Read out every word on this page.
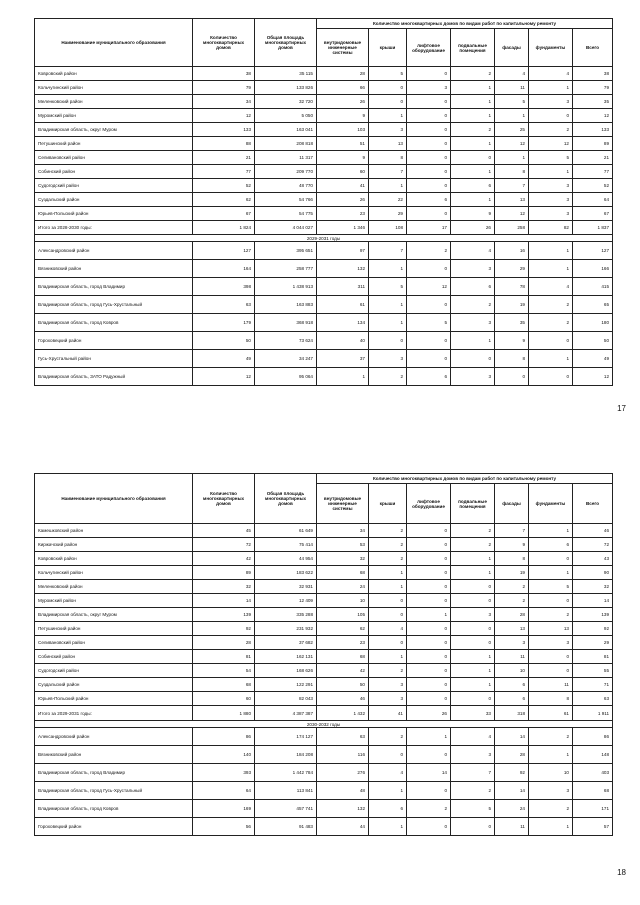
Наименование муниципального образования	Количество многоквартирных домов	Общая площадь многоквартирных домов	Количество многоквартирных домов по видам работ по капитальному ремонту						
			внутридомовые инженерные системы	крыши	лифтовое оборудование	подвальные помещения	фасады	фундаменты	Всего
Ковровский район	38	35 115	28	5	0	2	4	4	38
Кольчугинский район	79	133 826	66	0	3	1	11	1	79
Меленковский район	34	32 720	26	0	0	1	5	3	35
Муромский район	12	5 050	9	1	0	1	1	0	12
Владимирская область, округ Муром	133	163 041	103	3	0	2	25	2	133
Петушинский район	88	208 818	51	13	0	1	12	12	89
Селивановский район	21	11 317	9	8	0	0	1	5	21
Собинский район	77	209 770	60	7	0	1	8	1	77
Судогодский район	52	48 770	41	1	0	6	7	3	52
Суздальский район	62	54 766	26	22	6	1	13	3	64
Юрьев-Польский район	67	54 775	23	29	0	9	12	3	67
Итого за 2028-2030 годы:	1 824	4 044 027	1 346	108	17	26	258	82	1 837
2029-2031 годы									
Александровский район	127	395 651	97	7	2	4	16	1	127
Вязниковский район	164	258 777	132	1	0	3	29	1	166
Владимирская область, город Владимир	398	1 438 913	311	5	12	6	78	4	415
Владимирская область, город Гусь-Хрустальный	63	163 883	61	1	0	2	19	2	65
Владимирская область, город Ковров	179	368 918	134	1	5	3	35	2	180
Гороховецкий район	50	73 624	40	0	0	1	9	0	50
Гусь-Хрустальный район	49	34 247	37	3	0	0	8	1	49
Владимирская область, ЗАТО Радужный	12	95 064	1	2	6	3	0	0	12
17
Наименование муниципального образования	Количество многоквартирных домов	Общая площадь многоквартирных домов	Количество многоквартирных домов по видам работ по капитальному ремонту						
			внутридомовые инженерные системы	крыши	лифтовое оборудование	подвальные помещения	фасады	фундаменты	Всего
Камешковский район	45	61 649	34	2	0	2	7	1	46
Киржачский район	72	75 414	53	2	0	2	9	6	72
Ковровский район	42	44 954	32	2	0	1	8	0	43
Кольчугинский район	89	183 622	68	1	0	1	19	1	90
Меленковский район	32	32 931	24	1	0	0	2	5	32
Муромский район	14	12 409	10	0	0	0	2	0	14
Владимирская область, округ Муром	139	335 288	105	0	1	3	28	2	139
Петушинский район	92	231 932	62	4	0	0	13	13	92
Селивановский район	28	37 682	23	0	0	0	3	3	29
Собинский район	81	162 131	68	1	0	1	11	0	81
Судогодский район	54	168 626	42	2	0	1	10	0	55
Суздальский район	68	122 291	50	3	0	1	6	11	71
Юрьев-Польский район	60	82 043	46	3	0	0	6	8	63
Итого за 2029-2031 годы:	1 880	4 387 387	1 432	41	26	33	318	61	1 911
2030-2032 годы									
Александровский район	86	174 127	63	2	1	4	14	2	86
Вязниковский район	140	184 208	116	0	0	3	28	1	148
Владимирская область, город Владимир	393	1 442 784	276	4	14	7	92	10	403
Владимирская область, город Гусь-Хрустальный	64	113 841	48	1	0	2	14	3	68
Владимирская область, город Ковров	169	457 741	132	6	2	5	24	2	171
Гороховецкий район	56	91 483	44	1	0	0	11	1	57
18
